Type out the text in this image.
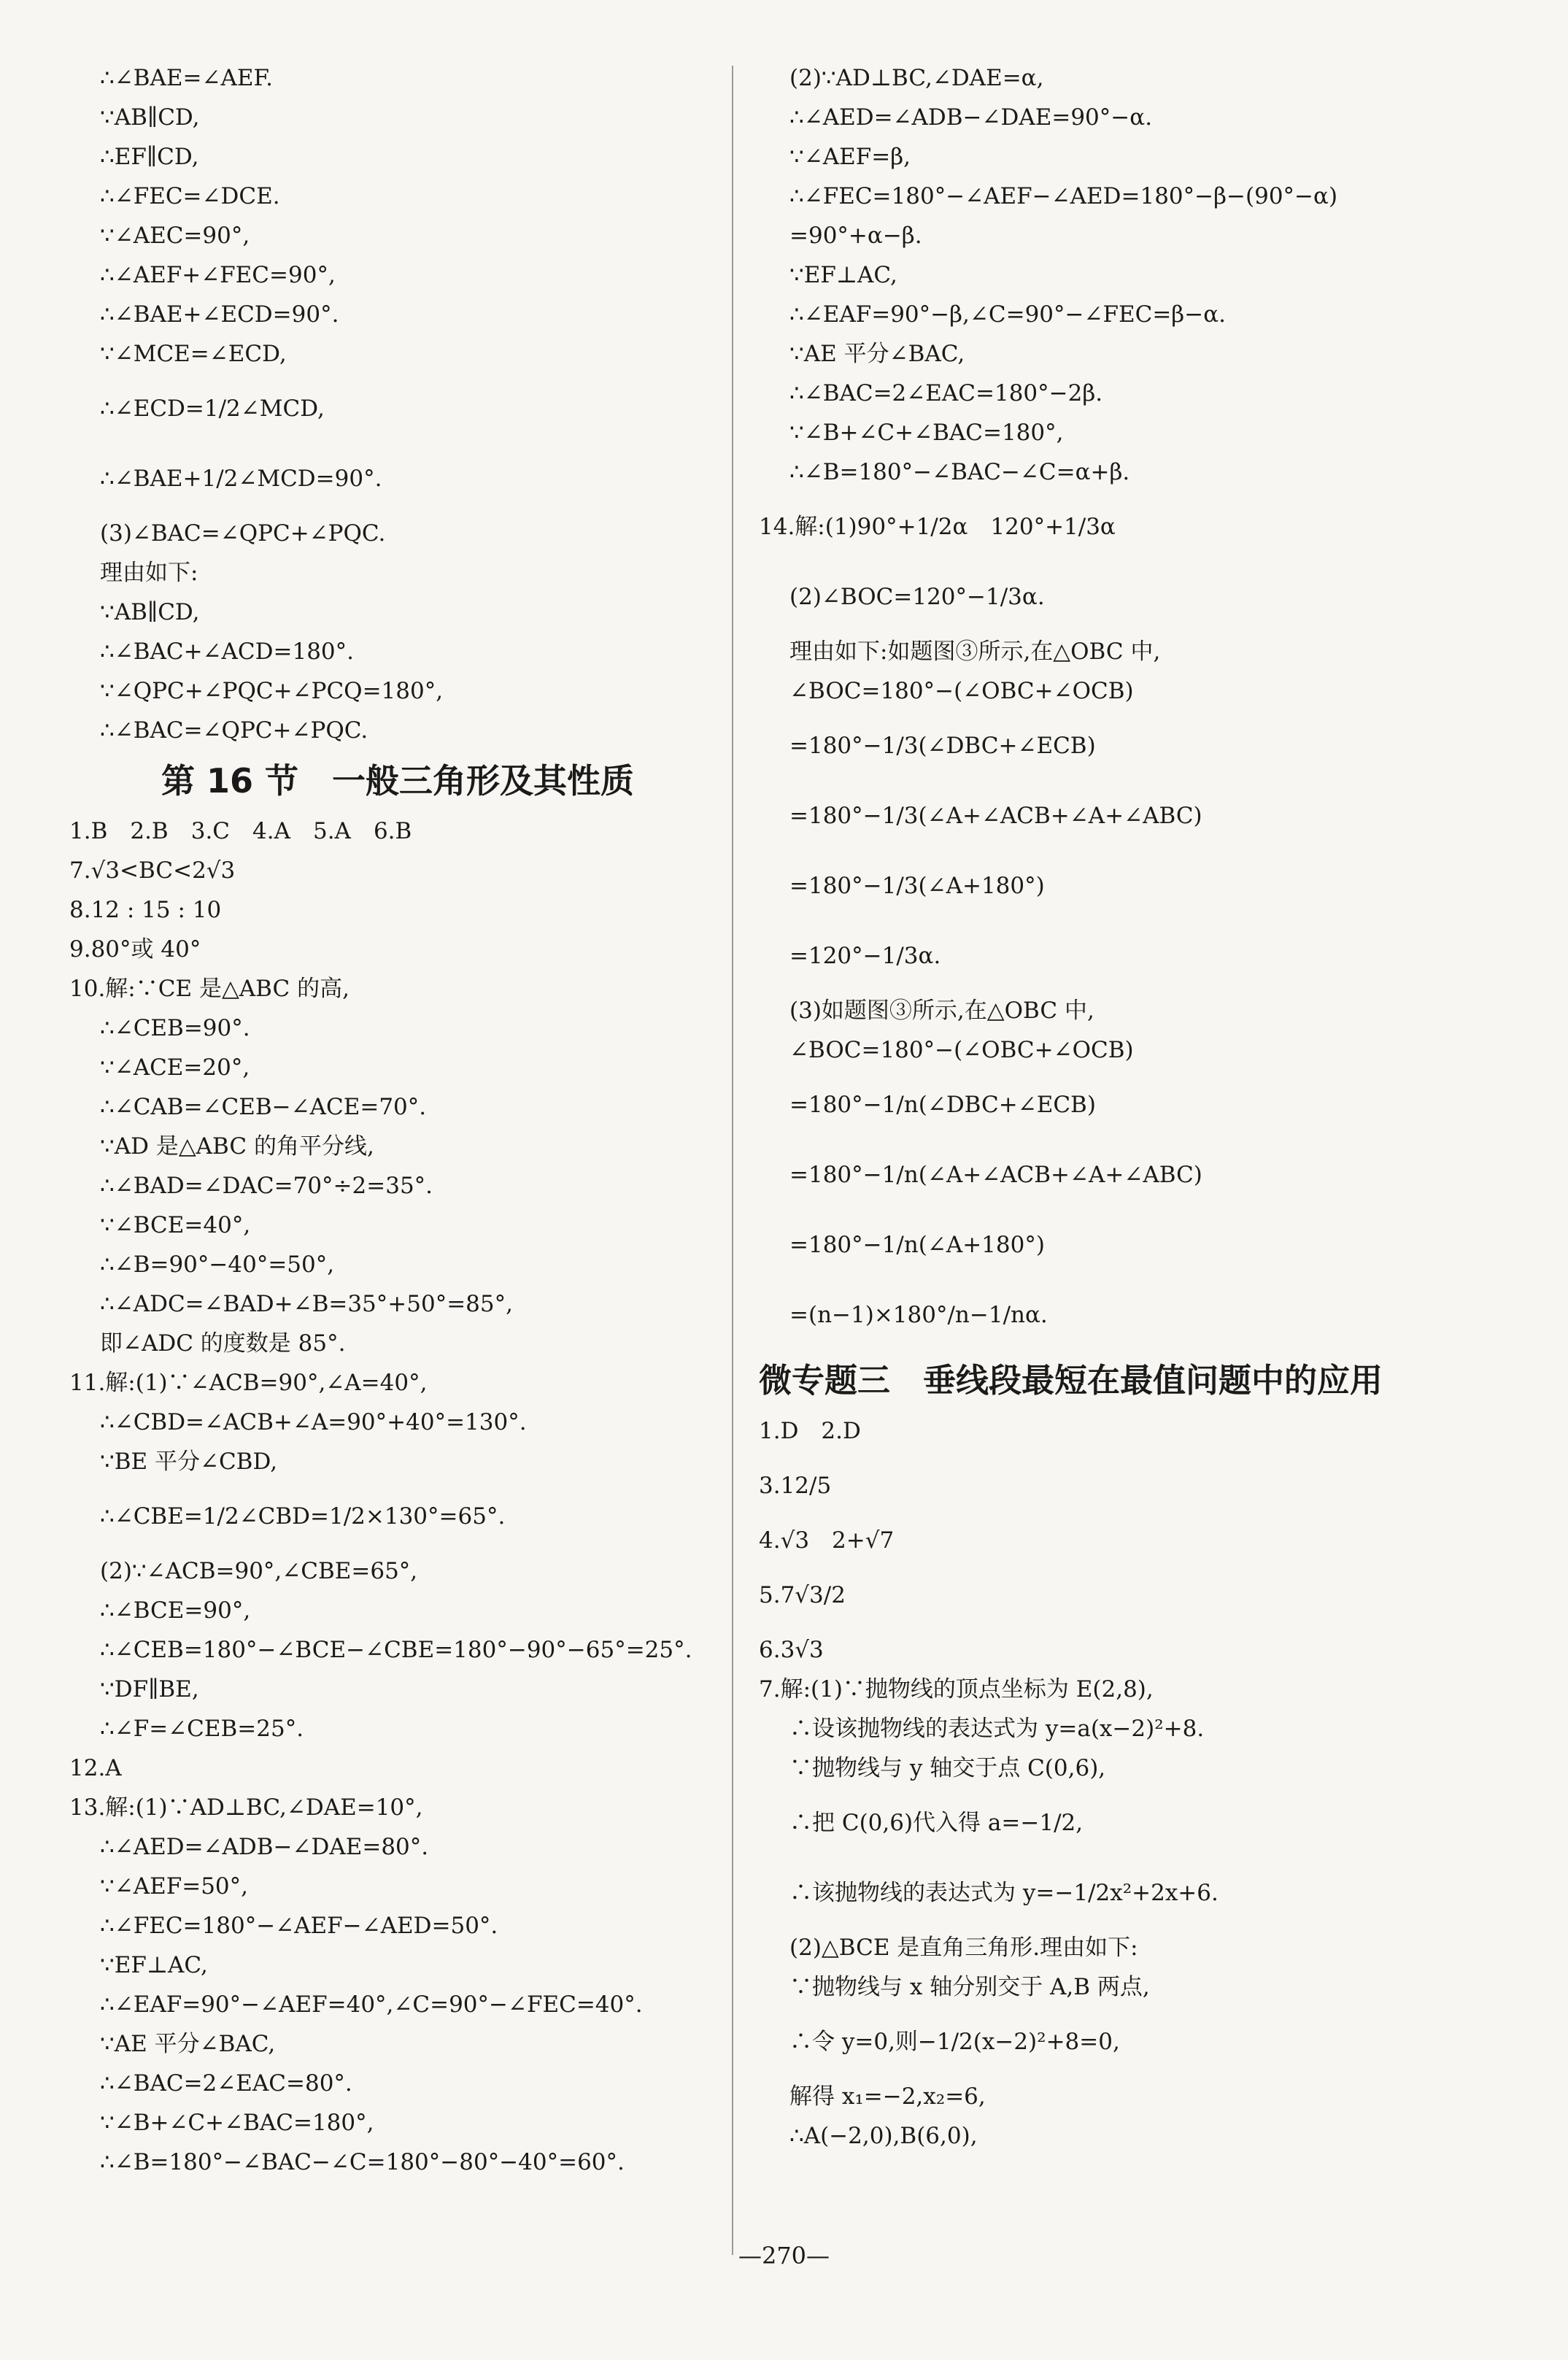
∴∠BAE=∠AEF.
∵AB∥CD,
∴EF∥CD,
∴∠FEC=∠DCE.
∵∠AEC=90°,
∴∠AEF+∠FEC=90°,
∴∠BAE+∠ECD=90°.
∵∠MCE=∠ECD,
∴∠ECD=1/2∠MCD,
∴∠BAE+1/2∠MCD=90°.
(3)∠BAC=∠QPC+∠PQC.
理由如下:
∵AB∥CD,
∴∠BAC+∠ACD=180°.
∵∠QPC+∠PQC+∠PCQ=180°,
∴∠BAC=∠QPC+∠PQC.
第 16 节　一般三角形及其性质
1.B　2.B　3.C　4.A　5.A　6.B
7.√3<BC<2√3
8.12 : 15 : 10
9.80°或 40°
10.解:∵CE 是△ABC 的高,
∴∠CEB=90°.
∵∠ACE=20°,
∴∠CAB=∠CEB−∠ACE=70°.
∵AD 是△ABC 的角平分线,
∴∠BAD=∠DAC=70°÷2=35°.
∵∠BCE=40°,
∴∠B=90°−40°=50°,
∴∠ADC=∠BAD+∠B=35°+50°=85°,
即∠ADC 的度数是 85°.
11.解:(1)∵∠ACB=90°,∠A=40°,
∴∠CBD=∠ACB+∠A=90°+40°=130°.
∵BE 平分∠CBD,
∴∠CBE=1/2∠CBD=1/2×130°=65°.
(2)∵∠ACB=90°,∠CBE=65°,
∴∠BCE=90°,
∴∠CEB=180°−∠BCE−∠CBE=180°−90°−65°=25°.
∵DF∥BE,
∴∠F=∠CEB=25°.
12.A
13.解:(1)∵AD⊥BC,∠DAE=10°,
∴∠AED=∠ADB−∠DAE=80°.
∵∠AEF=50°,
∴∠FEC=180°−∠AEF−∠AED=50°.
∵EF⊥AC,
∴∠EAF=90°−∠AEF=40°,∠C=90°−∠FEC=40°.
∵AE 平分∠BAC,
∴∠BAC=2∠EAC=80°.
∵∠B+∠C+∠BAC=180°,
∴∠B=180°−∠BAC−∠C=180°−80°−40°=60°.
(2)∵AD⊥BC,∠DAE=α,
∴∠AED=∠ADB−∠DAE=90°−α.
∵∠AEF=β,
∴∠FEC=180°−∠AEF−∠AED=180°−β−(90°−α)
=90°+α−β.
∵EF⊥AC,
∴∠EAF=90°−β,∠C=90°−∠FEC=β−α.
∵AE 平分∠BAC,
∴∠BAC=2∠EAC=180°−2β.
∵∠B+∠C+∠BAC=180°,
∴∠B=180°−∠BAC−∠C=α+β.
14.解:(1)90°+1/2α　120°+1/3α
(2)∠BOC=120°−1/3α.
理由如下:如题图③所示,在△OBC 中,
∠BOC=180°−(∠OBC+∠OCB)
=180°−1/3(∠DBC+∠ECB)
=180°−1/3(∠A+∠ACB+∠A+∠ABC)
=180°−1/3(∠A+180°)
=120°−1/3α.
(3)如题图③所示,在△OBC 中,
∠BOC=180°−(∠OBC+∠OCB)
=180°−1/n(∠DBC+∠ECB)
=180°−1/n(∠A+∠ACB+∠A+∠ABC)
=180°−1/n(∠A+180°)
=(n−1)×180°/n−1/nα.
微专题三　垂线段最短在最值问题中的应用
1.D　2.D
3.12/5
4.√3　2+√7
5.7√3/2
6.3√3
7.解:(1)∵抛物线的顶点坐标为 E(2,8),
∴设该抛物线的表达式为 y=a(x−2)²+8.
∵抛物线与 y 轴交于点 C(0,6),
∴把 C(0,6)代入得 a=−1/2,
∴该抛物线的表达式为 y=−1/2x²+2x+6.
(2)△BCE 是直角三角形.理由如下:
∵抛物线与 x 轴分别交于 A,B 两点,
∴令 y=0,则−1/2(x−2)²+8=0,
解得 x₁=−2,x₂=6,
∴A(−2,0),B(6,0),
—270—
